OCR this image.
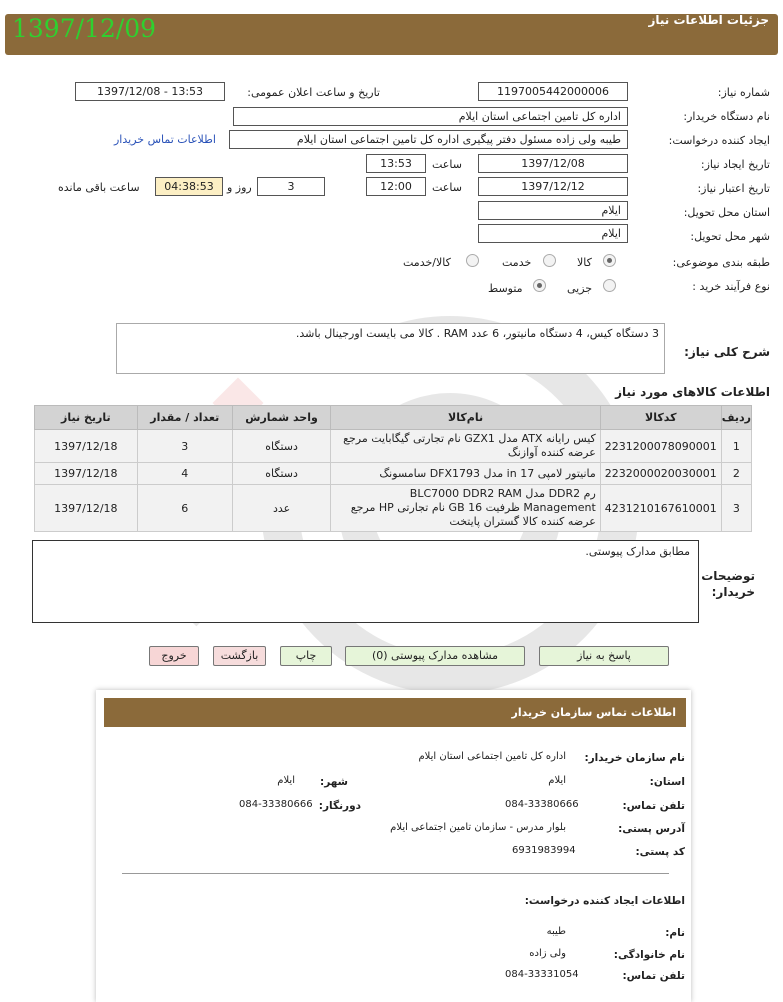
جزئیات اطلاعات نیاز
1397/12/09
شماره نیاز:
1197005442000006
تاریخ و ساعت اعلان عمومی:
1397/12/08 - 13:53
نام دستگاه خریدار:
اداره کل تامین اجتماعی استان ایلام
ایجاد کننده درخواست:
طیبه ولی زاده مسئول دفتر پیگیری اداره کل تامین اجتماعی استان ایلام
اطلاعات تماس خریدار
تاریخ ایجاد نیاز:
1397/12/08
ساعت
13:53
تاریخ اعتبار نیاز:
1397/12/12
ساعت
12:00
3
روز و
04:38:53
ساعت باقی مانده
استان محل تحویل:
ایلام
شهر محل تحویل:
ایلام
طبقه بندی موضوعی:
کالا
خدمت
کالا/خدمت
نوع فرآیند خرید :
جزیی
متوسط
3 دستگاه کیس، 4 دستگاه مانیتور، 6 عدد RAM . کالا می بایست اورجینال باشد.
شرح کلی نیاز:
اطلاعات کالاهای مورد نیاز
ردیف	کدکالا	نام‌کالا	واحد شمارش	تعداد / مقدار	تاریخ نیاز
1	2231200078090001	کیس رایانه ATX مدل GZX1 نام تجارتی گیگابایت مرجع عرضه کننده آوازنگ	دستگاه	3	1397/12/18
2	2232000020030001	مانیتور لامپی 17 in مدل DFX1793 سامسونگ	دستگاه	4	1397/12/18
3	4231210167610001	رم DDR2 مدل BLC7000 DDR2 RAM Management ظرفیت 16 GB نام تجارتی HP مرجع عرضه کننده کالا گستران پایتخت	عدد	6	1397/12/18
مطابق مدارک پیوستی.
توضیحات خریدار:
پاسخ به نیاز
مشاهده مدارک پیوستی (0)
چاپ
بازگشت
خروج
اطلاعات تماس سازمان خریدار
نام سازمان خریدار:
اداره کل تامین اجتماعی استان ایلام
استان:
ایلام
شهر:
ایلام
تلفن تماس:
084-33380666
دورنگار:
084-33380666
آدرس پستی:
بلوار مدرس - سازمان تامین اجتماعی ایلام
کد پستی:
6931983994
اطلاعات ایجاد کننده درخواست:
نام:
طیبه
نام خانوادگی:
ولی زاده
تلفن تماس:
084-33331054
